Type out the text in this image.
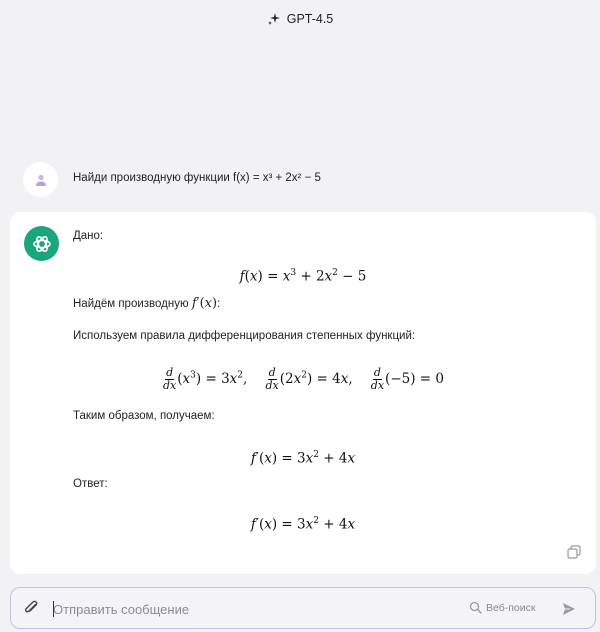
GPT-4.5
Найди производную функции f(x) = x³ + 2x² − 5
Дано:
$f(x) = x^3 + 2x^2 - 5$
Найдём производную f′(x):
Используем правила дифференцирования степенных функций:
$\frac{d}{dx} (x^3) = 3x^2$, $\frac{d}{dx} (2x^2) = 4x$, $\frac{d}{dx} (-5) = 0$
Таким образом, получаем:
$f'(x) = 3x^2 + 4x$
Ответ:
$f'(x) = 3x^2 + 4x$
Отправить сообщение
Веб-поиск
